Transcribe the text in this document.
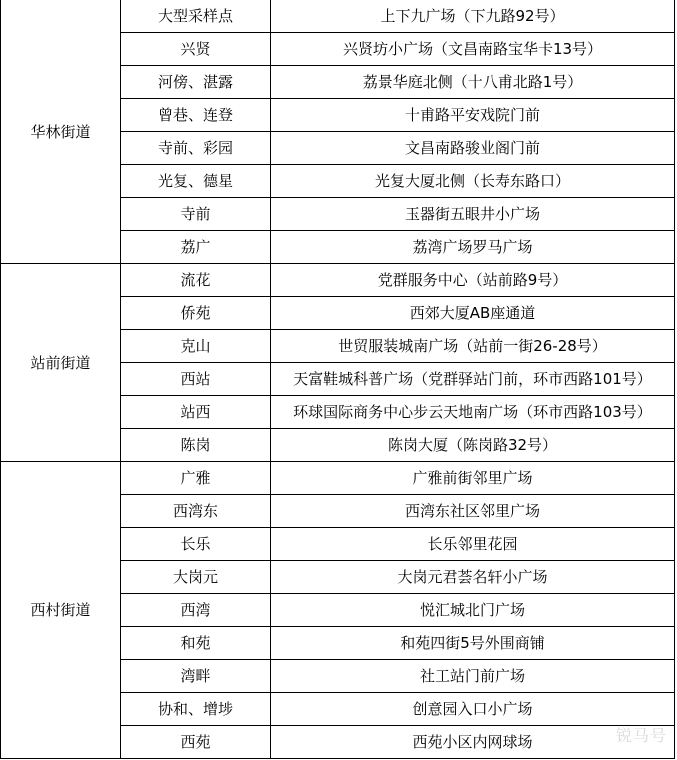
华林街道	大型采样点	上下九广场（下九路92号）
	兴贤	兴贤坊小广场（文昌南路宝华卡13号）
	河傍、湛露	荔景华庭北侧（十八甫北路1号）
	曾巷、连登	十甫路平安戏院门前
	寺前、彩园	文昌南路骏业阁门前
	光复、德星	光复大厦北侧（长寿东路口）
	寺前	玉器街五眼井小广场
	荔广	荔湾广场罗马广场
站前街道	流花	党群服务中心（站前路9号）
	侨苑	西郊大厦AB座通道
	克山	世贸服装城南广场（站前一街26-28号）
	西站	天富鞋城科普广场（党群驿站门前，环市西路101号）
	站西	环球国际商务中心步云天地南广场（环市西路103号）
	陈岗	陈岗大厦（陈岗路32号）
西村街道	广雅	广雅前街邻里广场
	西湾东	西湾东社区邻里广场
	长乐	长乐邻里花园
	大岗元	大岗元君荟名轩小广场
	西湾	悦汇城北门广场
	和苑	和苑四街5号外围商铺
	湾畔	社工站门前广场
	协和、增埗	创意园入口小广场
	西苑	西苑小区内网球场	锐马号
